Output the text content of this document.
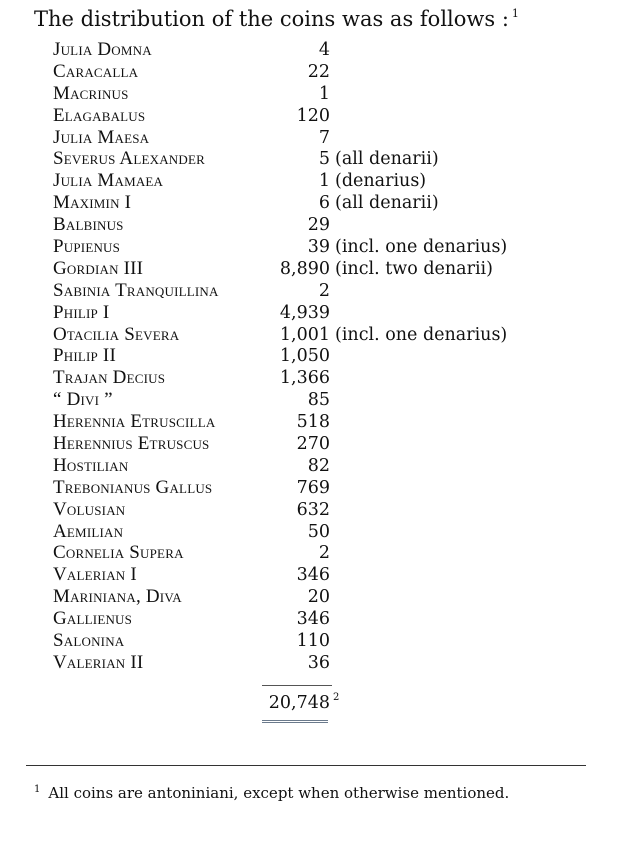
The distribution of the coins was as follows : $^1$
Julia Domna	4
Caracalla	22
Macrinus	1
Elagabalus	120
Julia Maesa	7
Severus Alexander	5 (all denarii)
Julia Mamaea	1 (denarius)
Maximin I	6 (all denarii)
Balbinus	29
Pupienus	39 (incl. one denarius)
Gordian III	8,890 (incl. two denarii)
Sabinia Tranquillina	2
Philip I	4,939
Otacilia Severa	1,001 (incl. one denarius)
Philip II	1,050
Trajan Decius	1,366
“ Divi ”	85
Herennia Etruscilla	518
Herennius Etruscus	270
Hostilian	82
Trebonianus Gallus	769
Volusian	632
Aemilian	50
Cornelia Supera	2
Valerian I	346
Mariniana, Diva	20
Gallienus	346
Salonina	110
Valerian II	36
20,748 2
$^1$ All coins are antoniniani, except when otherwise mentioned.
